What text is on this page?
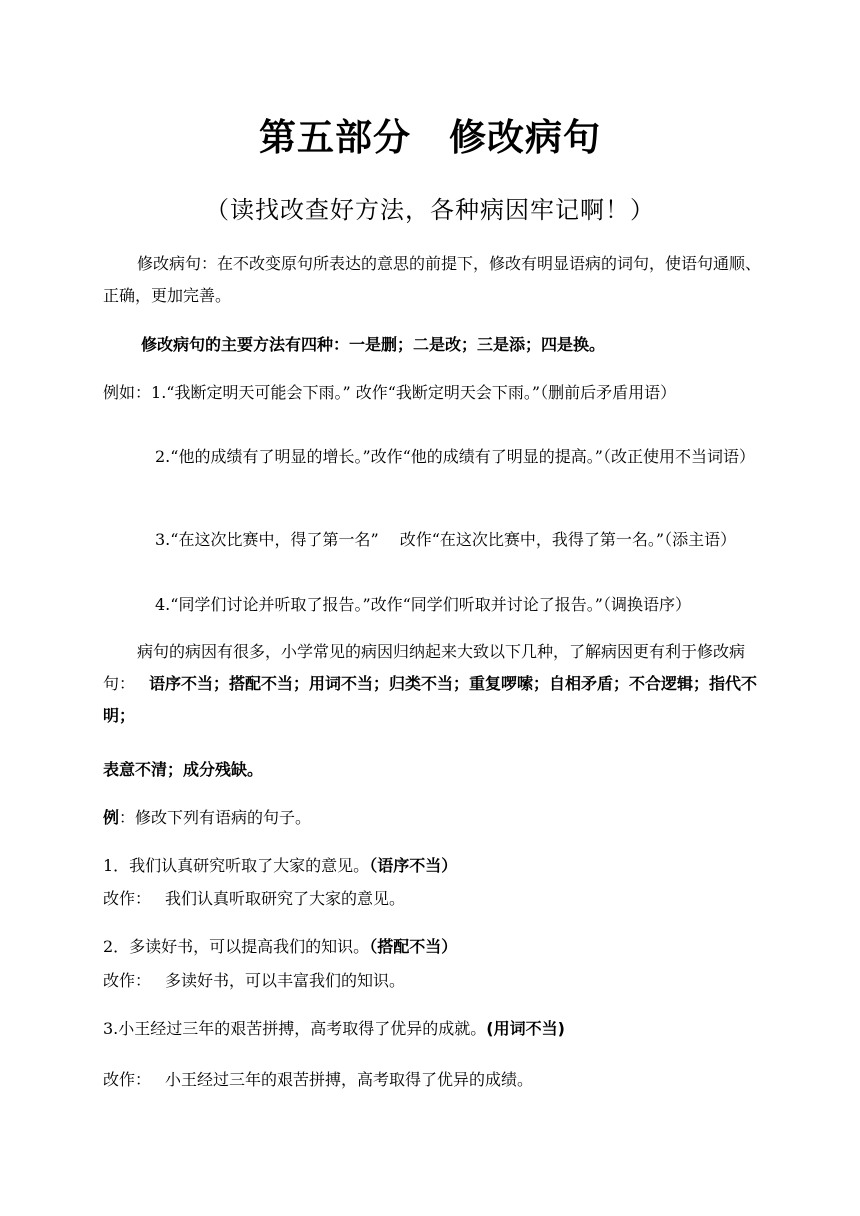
第五部分　修改病句
（读找改查好方法，各种病因牢记啊！）

修改病句：在不改变原句所表达的意思的前提下，修改有明显语病的词句，使语句通顺、正确，更加完善。

修改病句的主要方法有四种：一是删；二是改；三是添；四是换。
例如：1.“我断定明天可能会下雨。” 改作“我断定明天会下雨。”（删前后矛盾用语）

2.“他的成绩有了明显的增长。”改作“他的成绩有了明显的提高。”（改正使用不当词语）

3.“在这次比赛中，得了第一名”　 改作“在这次比赛中，我得了第一名。”（添主语）

4.“同学们讨论并听取了报告。”改作“同学们听取并讨论了报告。”（调换语序）

病句的病因有很多，小学常见的病因归纳起来大致以下几种，了解病因更有利于修改病句： 语序不当；搭配不当；用词不当；归类不当；重复啰嗦；自相矛盾；不合逻辑；指代不明；

表意不清；成分残缺。
例：修改下列有语病的句子。
1．我们认真研究听取了大家的意见。（语序不当）
改作： 我们认真听取研究了大家的意见。
2．多读好书，可以提高我们的知识。（搭配不当）
改作： 多读好书，可以丰富我们的知识。
3.小王经过三年的艰苦拼搏，高考取得了优异的成就。(用词不当)
改作： 小王经过三年的艰苦拼搏，高考取得了优异的成绩。
